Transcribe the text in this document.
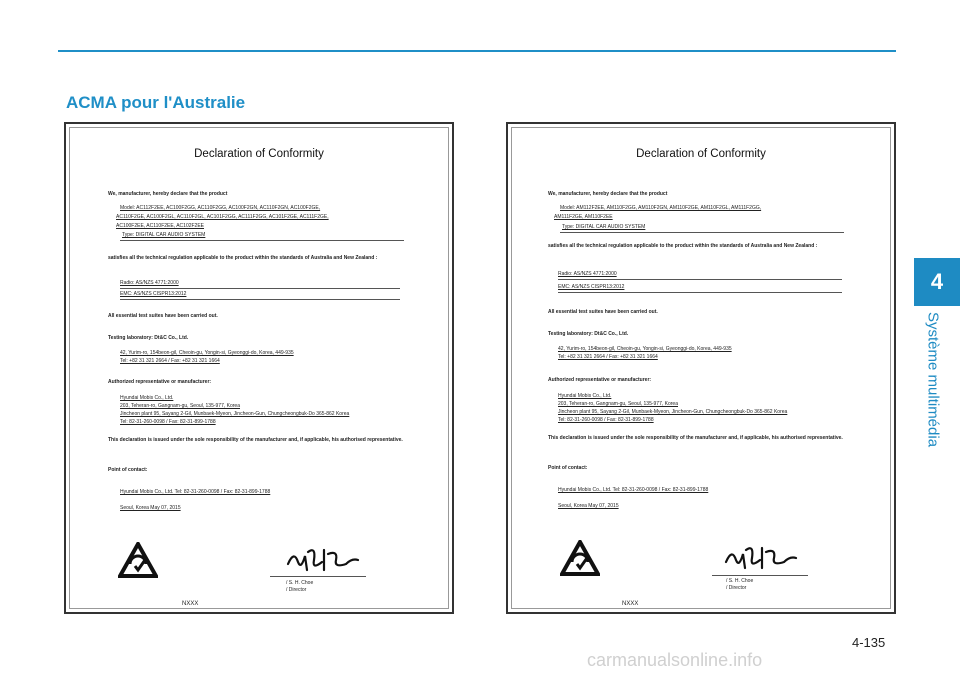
ACMA pour l'Australie
4
Système multimédia
Declaration of Conformity
We, manufacturer, hereby declare that the product
Model: AC112F2EE, AC100F2GG, AC110F2GG, AC100F2GN, AC110F2GN, AC100F2GE,
AC110F2GE, AC100F2GL, AC110F2GL, AC101F2GG, AC111F2GG, AC101F2GE, AC111F2GE,
AC100F2EE, AC110F2EE, AC102F2EE
Type: DIGITAL CAR AUDIO SYSTEM
satisfies all the technical regulation applicable to the product within the standards of Australia and New Zealand :
Radio: AS/NZS 4771:2000
EMC: AS/NZS CISPR13:2012
All essential test suites have been carried out.
Testing laboratory: Dt&C Co., Ltd.
42, Yurim-ro, 154beon-gil, Cheoin-gu, Yongin-si, Gyeonggi-do, Korea, 449-935
Tel: +82 31 321 2664 / Fax: +82 31 321 1664
Authorized representative or manufacturer:
Hyundai Mobis Co., Ltd.
203, Teheran-ro, Gangnam-gu, Seoul, 135-977, Korea
Jincheon plant 95, Sayang 2-Gil, Munbaek-Myeon, Jincheon-Gun, Chungcheongbuk-Do 365-862 Korea
Tel: 82-31-260-0098 / Fax: 82-31-899-1788
This declaration is issued under the sole responsibility of the manufacturer and, if applicable, his authorised representative.
Point of contact:
Hyundai Mobis Co., Ltd. Tel: 82-31-260-0098 / Fax: 82-31-899-1788
Seoul, Korea May 07, 2015
/ S. H. Choe
/ Director
NXXX
Declaration of Conformity
We, manufacturer, hereby declare that the product
Model: AM112F2EE, AM110F2GG, AM110F2GN, AM110F2GE, AM110F2GL, AM111F2GG,
AM111F2GE, AM110F2EE
Type: DIGITAL CAR AUDIO SYSTEM
satisfies all the technical regulation applicable to the product within the standards of Australia and New Zealand :
Radio: AS/NZS 4771:2000
EMC: AS/NZS CISPR13:2012
All essential test suites have been carried out.
Testing laboratory: Dt&C Co., Ltd.
42, Yurim-ro, 154beon-gil, Cheoin-gu, Yongin-si, Gyeonggi-do, Korea, 449-935
Tel: +82 31 321 2664 / Fax: +82 31 321 1664
Authorized representative or manufacturer:
Hyundai Mobis Co., Ltd.
203, Teheran-ro, Gangnam-gu, Seoul, 135-977, Korea
Jincheon plant 95, Sayang 2-Gil, Munbaek-Myeon, Jincheon-Gun, Chungcheongbuk-Do 365-862 Korea
Tel: 82-31-260-0098 / Fax: 82-31-899-1788
This declaration is issued under the sole responsibility of the manufacturer and, if applicable, his authorised representative.
Point of contact:
Hyundai Mobis Co., Ltd. Tel: 82-31-260-0098 / Fax: 82-31-899-1788
Seoul, Korea May 07, 2015
/ S. H. Choe
/ Director
NXXX
4-135
carmanualsonline.info
